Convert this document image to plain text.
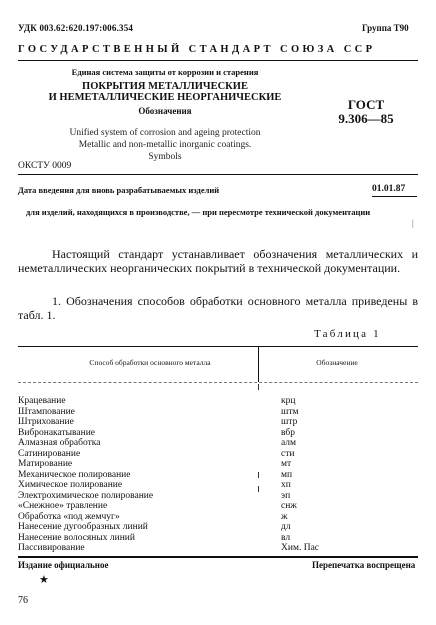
УДК 003.62:620.197:006.354	Группа Т90
ГОСУДАРСТВЕННЫЙ СТАНДАРТ СОЮЗА ССР
Единая система защиты от коррозии и старения
ПОКРЫТИЯ МЕТАЛЛИЧЕСКИЕ
И НЕМЕТАЛЛИЧЕСКИЕ НЕОРГАНИЧЕСКИЕ
Обозначения	ГОСТ
9.306—85
Unified system of corrosion and ageing protection
Metallic and non-metallic inorganic coatings.
Symbols
ОКСТУ 0009
Дата введения для вновь разрабатываемых изделий	01.01.87
для изделий, находящихся в производстве, — при пересмотре технической документации
|
Настоящий стандарт устанавливает обозначения металлических и неметаллических неорганических покрытий в технической документации.
1. Обозначения способов обработки основного металла приведены в табл. 1.
Таблица 1
Способ обработки основного металла	Обозначение
Крацевание	крц
Штампование	штм
Штрихование	штр
Вибронакатывание	вбр
Алмазная обработка	алм
Сатинирование	сти
Матирование	мт
Механическое полирование	мп
Химическое полирование	хп
Электрохимическое полирование	эп
«Снежное» травление	снж
Обработка «под жемчуг»	ж
Нанесение дугообразных линий	дл
Нанесение волосяных линий	вл
Пассивирование	Хим. Пас
Издание официальное	Перепечатка воспрещена
★
76
